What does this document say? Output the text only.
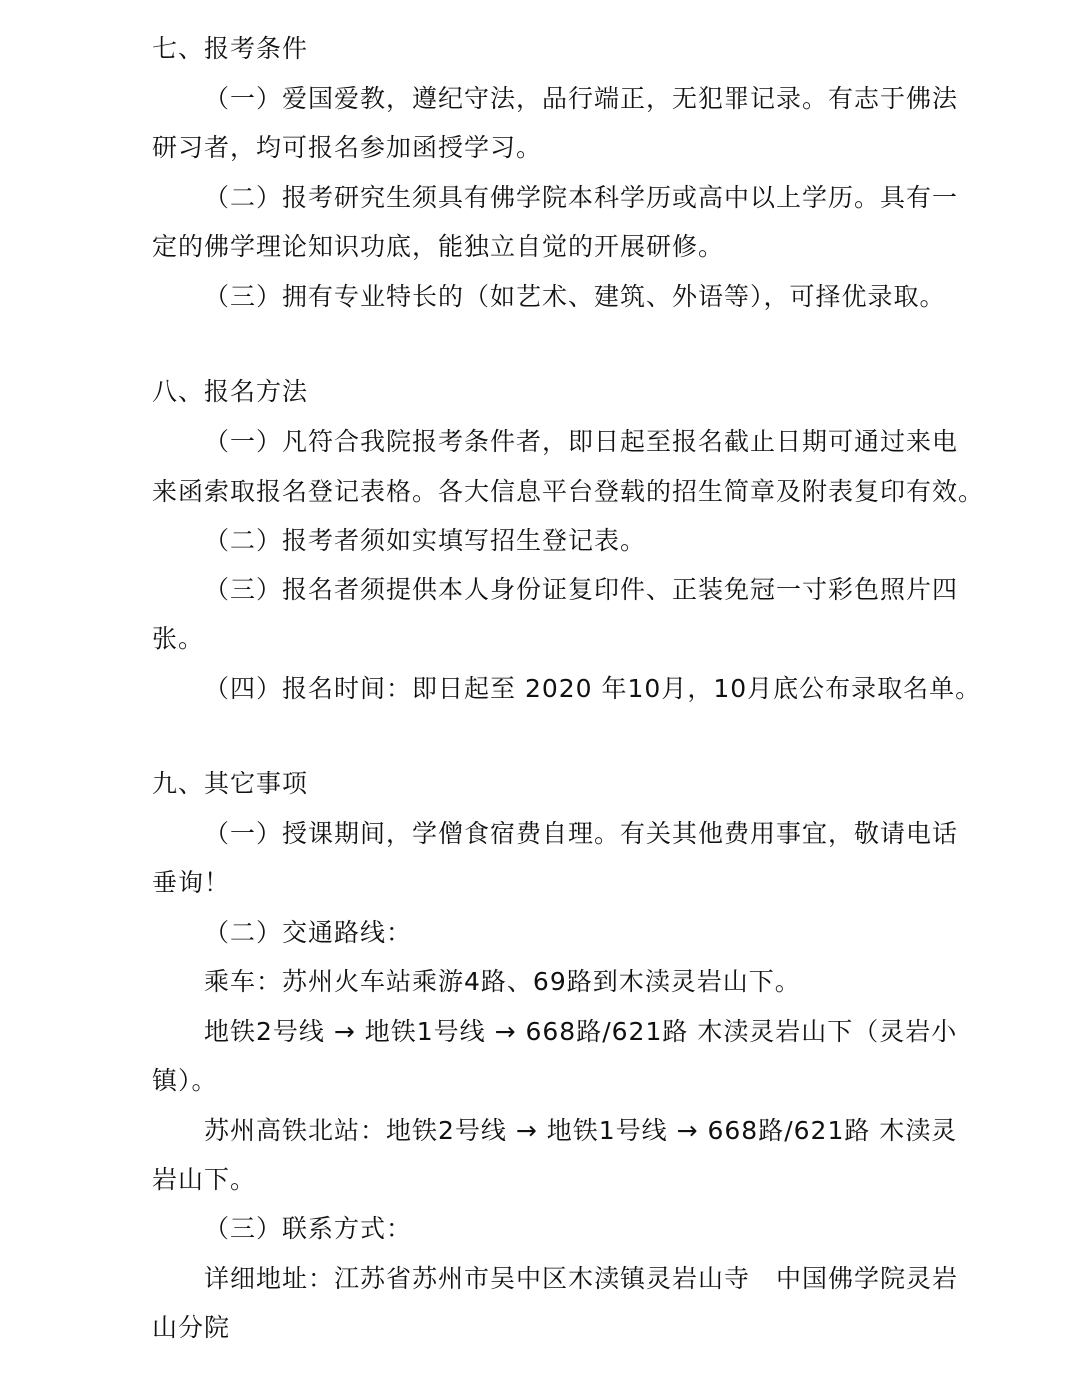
七、报考条件
（一）爱国爱教，遵纪守法，品行端正，无犯罪记录。有志于佛法
研习者，均可报名参加函授学习。
（二）报考研究生须具有佛学院本科学历或高中以上学历。具有一
定的佛学理论知识功底，能独立自觉的开展研修。
（三）拥有专业特长的（如艺术、建筑、外语等），可择优录取。
八、报名方法
（一）凡符合我院报考条件者，即日起至报名截止日期可通过来电
来函索取报名登记表格。各大信息平台登载的招生简章及附表复印有效。
（二）报考者须如实填写招生登记表。
（三）报名者须提供本人身份证复印件、正装免冠一寸彩色照片四
张。
（四）报名时间：即日起至 2020 年10月，10月底公布录取名单。
九、其它事项
（一）授课期间，学僧食宿费自理。有关其他费用事宜，敬请电话
垂询！
（二）交通路线：
乘车：苏州火车站乘游4路、69路到木渎灵岩山下。
地铁2号线 → 地铁1号线 → 668路/621路 木渎灵岩山下（灵岩小
镇）。
苏州高铁北站：地铁2号线 → 地铁1号线 → 668路/621路 木渎灵
岩山下。
（三）联系方式：
详细地址：江苏省苏州市吴中区木渎镇灵岩山寺　中国佛学院灵岩
山分院
